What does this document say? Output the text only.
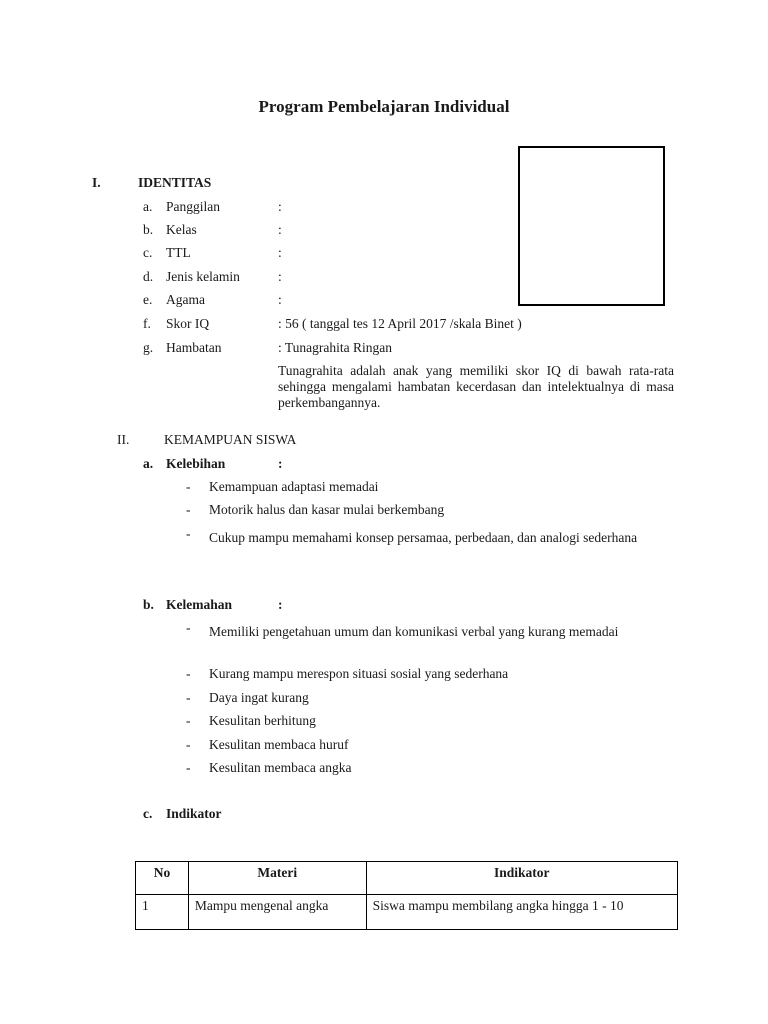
Program Pembelajaran Individual
I.	IDENTITAS
a. Panggilan	:
b. Kelas	:
c. TTL	:
d. Jenis kelamin	:
e. Agama	:
f. Skor IQ	: 56 ( tanggal tes 12 April 2017 /skala Binet )
g. Hambatan	: Tunagrahita Ringan
Tunagrahita adalah anak yang memiliki skor IQ di bawah rata-rata sehingga mengalami hambatan kecerdasan dan intelektualnya di masa perkembangannya.
II.	KEMAMPUAN SISWA
a. Kelebihan	:
- Kemampuan adaptasi memadai
- Motorik halus dan kasar mulai berkembang
- Cukup mampu memahami konsep persamaa, perbedaan, dan analogi sederhana
b. Kelemahan	:
- Memiliki pengetahuan umum dan komunikasi verbal yang kurang memadai
- Kurang mampu merespon situasi sosial yang sederhana
- Daya ingat kurang
- Kesulitan berhitung
- Kesulitan membaca huruf
- Kesulitan membaca angka
c. Indikator
No	Materi	Indikator
1	Mampu mengenal angka	Siswa mampu membilang angka hingga 1 - 10
